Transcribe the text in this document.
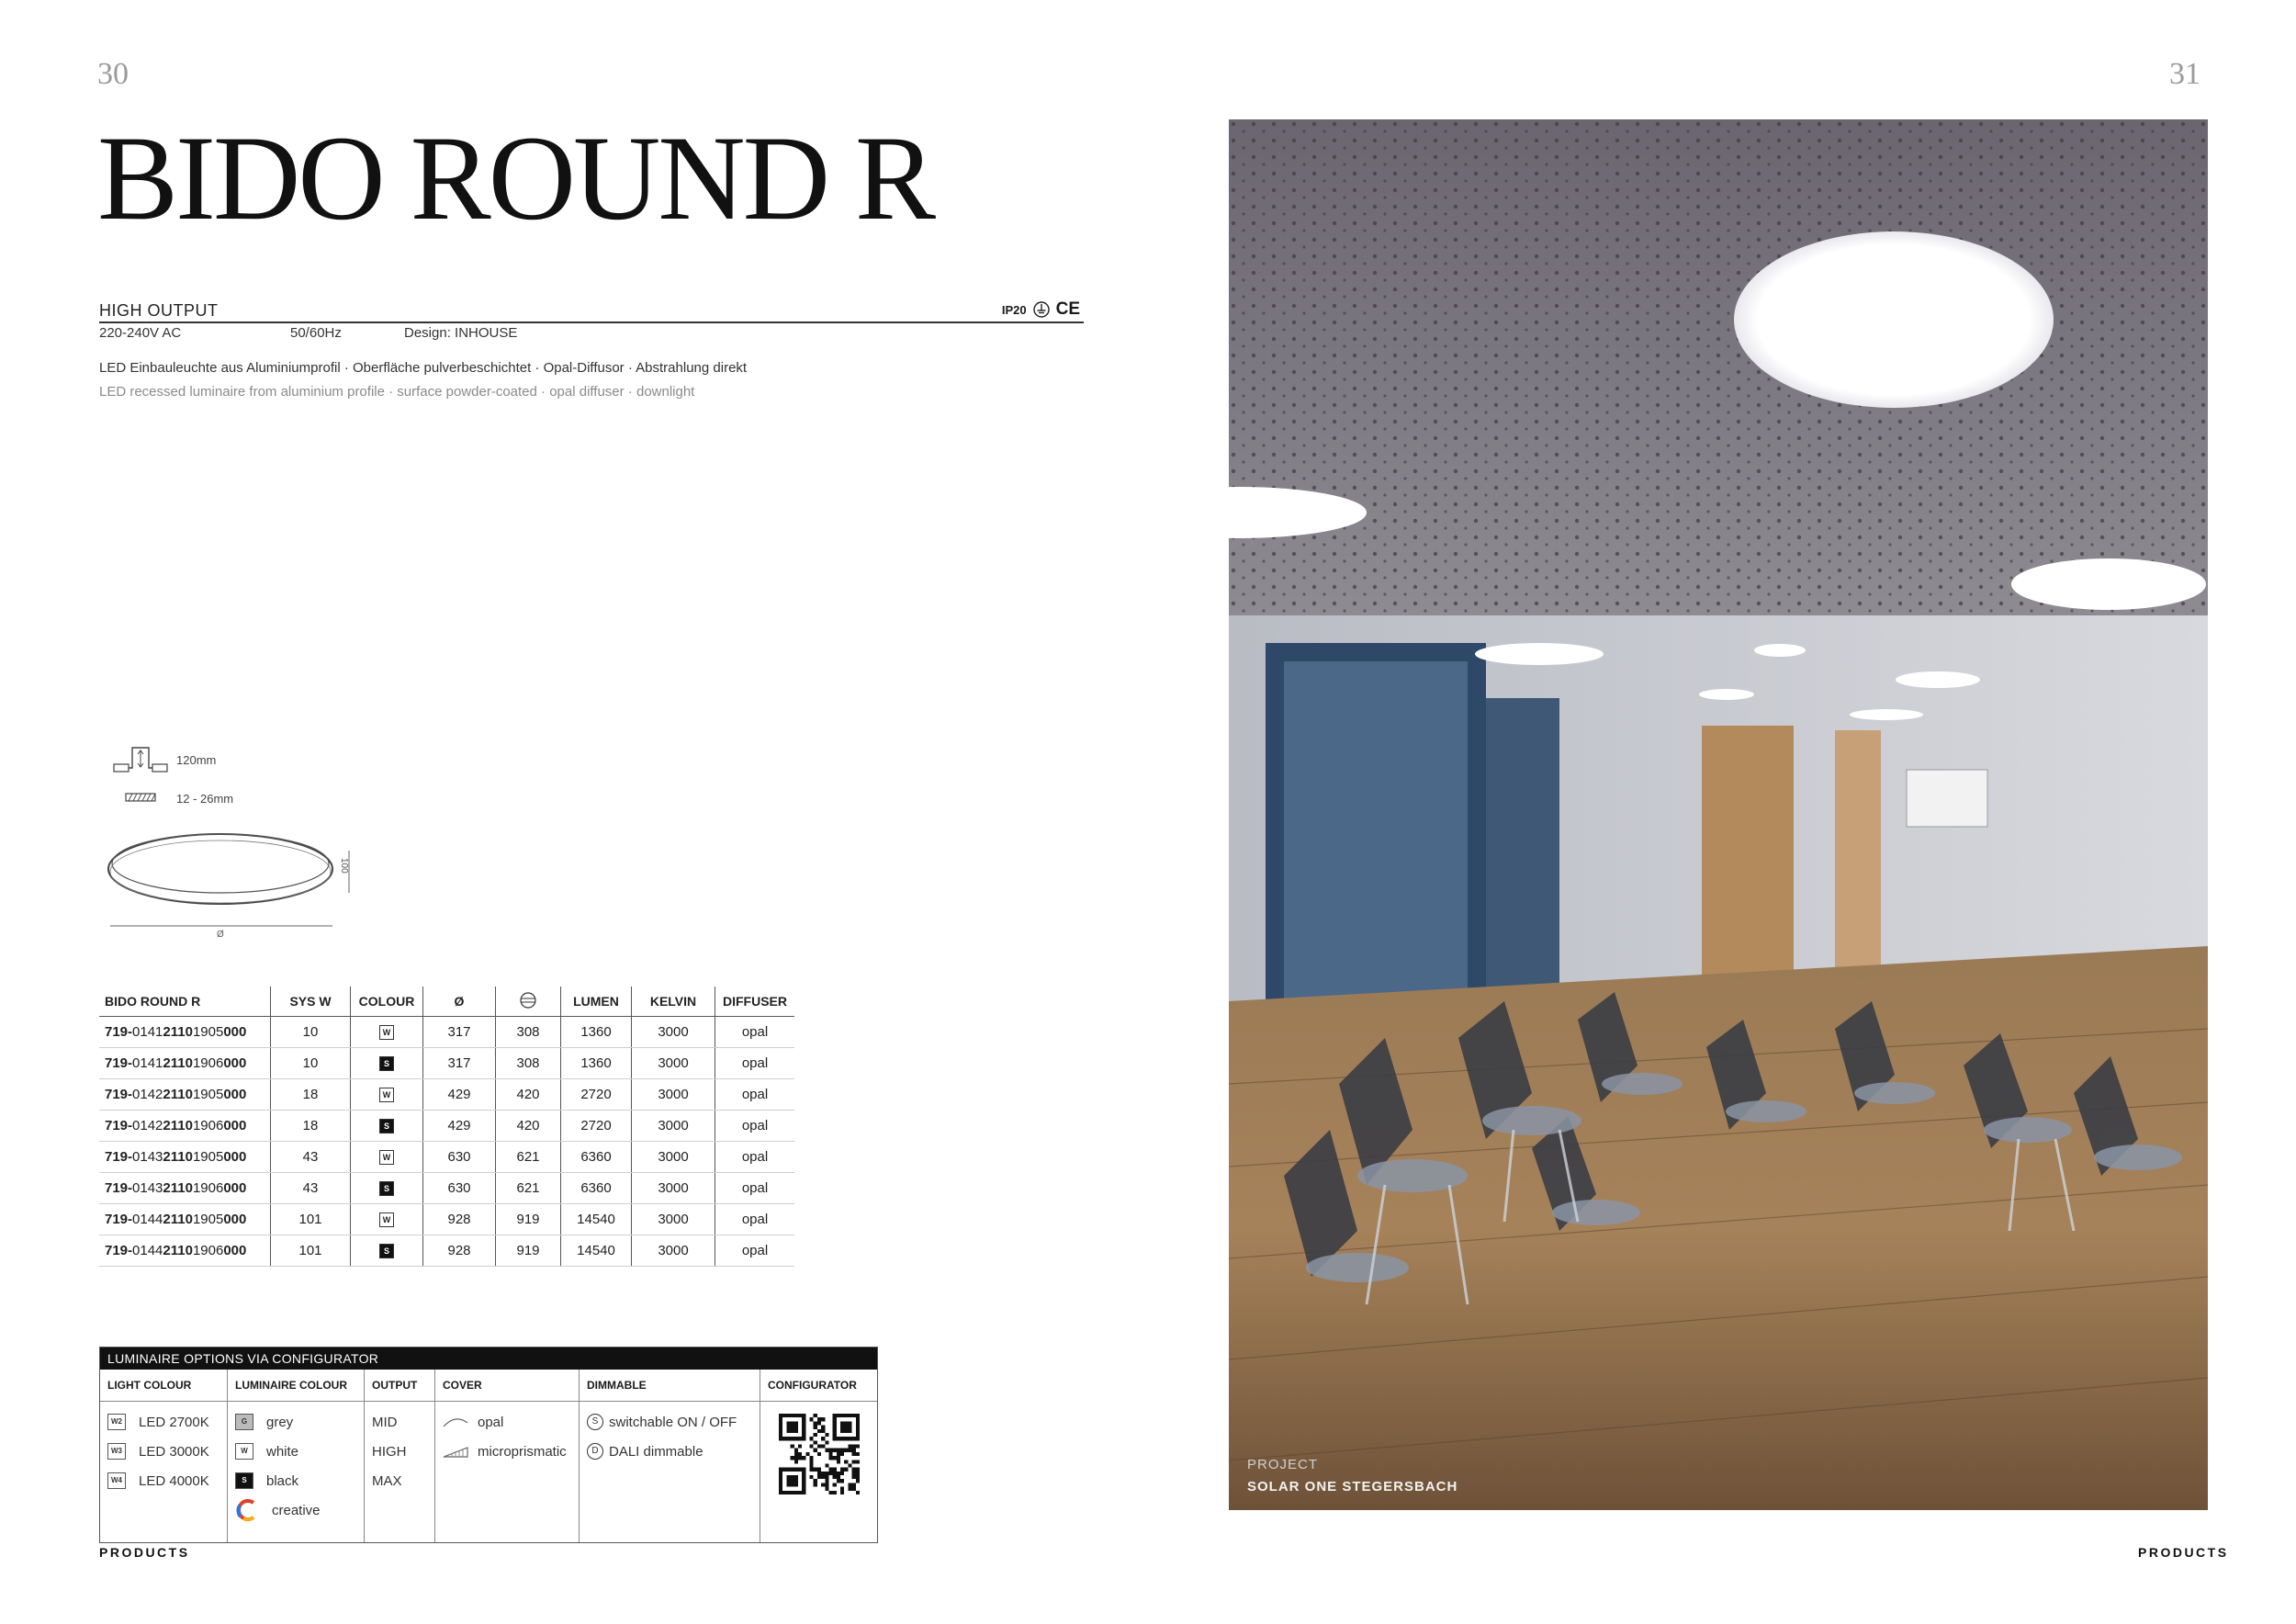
30	31
BIDO ROUND R
HIGH OUTPUT	IP20 CE
220-240V AC	50/60Hz	Design: INHOUSE
LED Einbauleuchte aus Aluminiumprofil · Oberfläche pulverbeschichtet · Opal-Diffusor · Abstrahlung direkt
LED recessed luminaire from aluminium profile · surface powder-coated · opal diffuser · downlight
120mm
12 - 26mm
100
Ø
BIDO ROUND R	SYS W	COLOUR	Ø		LUMEN	KELVIN	DIFFUSER
719-014121101905000	10	W	317	308	1360	3000	opal
719-014121101906000	10	S	317	308	1360	3000	opal
719-014221101905000	18	W	429	420	2720	3000	opal
719-014221101906000	18	S	429	420	2720	3000	opal
719-014321101905000	43	W	630	621	6360	3000	opal
719-014321101906000	43	S	630	621	6360	3000	opal
719-014421101905000	101	W	928	919	14540	3000	opal
719-014421101906000	101	S	928	919	14540	3000	opal
LUMINAIRE OPTIONS VIA CONFIGURATOR
LIGHT COLOUR
W2 LED 2700K
W3 LED 3000K
W4 LED 4000K
LUMINAIRE COLOUR
G	grey
W	white
S	black
creative
OUTPUT
MID
HIGH
MAX
COVER
opal
microprismatic
DIMMABLE
S switchable ON / OFF
D DALI dimmable
CONFIGURATOR
PRODUCTS	PRODUCTS
PROJECT
SOLAR ONE STEGERSBACH
